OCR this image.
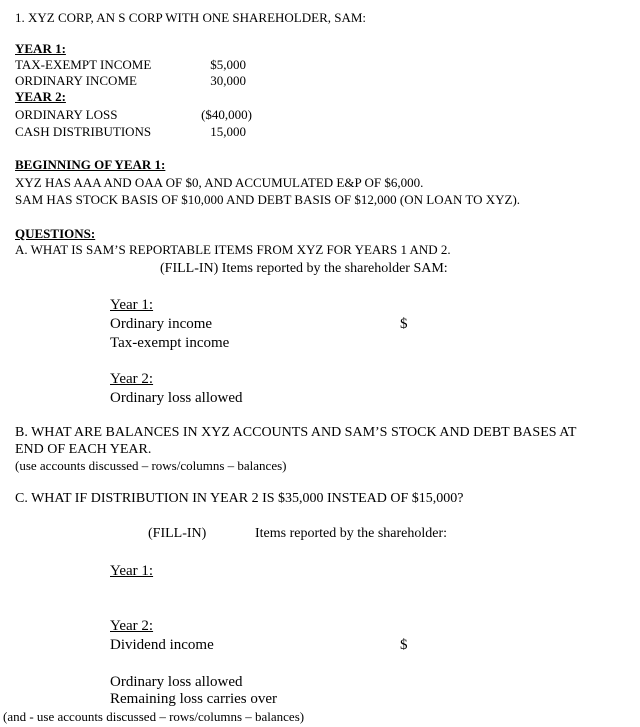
1. XYZ CORP, AN S CORP WITH ONE SHAREHOLDER, SAM:
YEAR 1:
TAX-EXEMPT INCOME	$5,000
ORDINARY INCOME	30,000
YEAR 2:
ORDINARY LOSS	($40,000)
CASH DISTRIBUTIONS	15,000
BEGINNING OF YEAR 1:
XYZ HAS AAA AND OAA OF $0, AND ACCUMULATED E&P OF $6,000.
SAM HAS STOCK BASIS OF $10,000 AND DEBT BASIS OF $12,000 (ON LOAN TO XYZ).
QUESTIONS:
A. WHAT IS SAM’S REPORTABLE ITEMS FROM XYZ FOR YEARS 1 AND 2.
(FILL-IN) Items reported by the shareholder SAM:
Year 1:
Ordinary income	$
Tax-exempt income
Year 2:
Ordinary loss allowed
B. WHAT ARE BALANCES IN XYZ ACCOUNTS AND SAM’S STOCK AND DEBT BASES AT
END OF EACH YEAR.
(use accounts discussed – rows/columns – balances)
C. WHAT IF DISTRIBUTION IN YEAR 2 IS $35,000 INSTEAD OF $15,000?
(FILL-IN)	Items reported by the shareholder:
Year 1:
Year 2:
Dividend income	$
Ordinary loss allowed
Remaining loss carries over
(and - use accounts discussed – rows/columns – balances)
